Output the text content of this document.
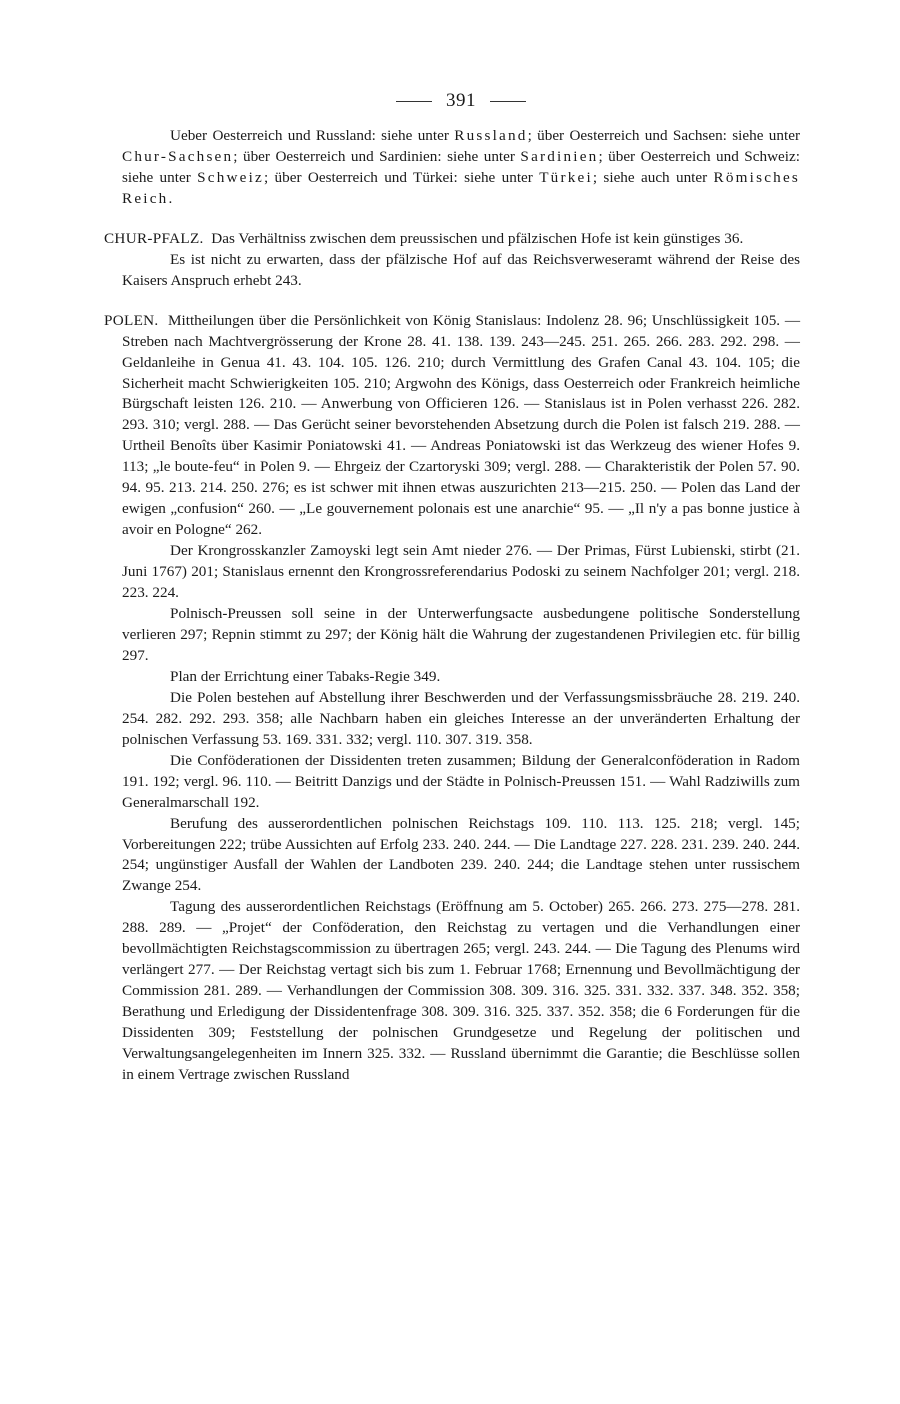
391

Ueber Oesterreich und Russland: siehe unter Russland; über Oesterreich und Sachsen: siehe unter Chur-Sachsen; über Oesterreich und Sardinien: siehe unter Sardinien; über Oesterreich und Schweiz: siehe unter Schweiz; über Oesterreich und Türkei: siehe unter Türkei; siehe auch unter Römisches Reich.

CHUR-PFALZ. Das Verhältniss zwischen dem preussischen und pfälzischen Hofe ist kein günstiges 36.

Es ist nicht zu erwarten, dass der pfälzische Hof auf das Reichsverweseramt während der Reise des Kaisers Anspruch erhebt 243.

POLEN. Mittheilungen über die Persönlichkeit von König Stanislaus: Indolenz 28. 96; Unschlüssigkeit 105. — Streben nach Machtvergrösserung der Krone 28. 41. 138. 139. 243—245. 251. 265. 266. 283. 292. 298. — Geldanleihe in Genua 41. 43. 104. 105. 126. 210; durch Vermittlung des Grafen Canal 43. 104. 105; die Sicherheit macht Schwierigkeiten 105. 210; Argwohn des Königs, dass Oesterreich oder Frankreich heimliche Bürgschaft leisten 126. 210. — Anwerbung von Officieren 126. — Stanislaus ist in Polen verhasst 226. 282. 293. 310; vergl. 288. — Das Gerücht seiner bevorstehenden Absetzung durch die Polen ist falsch 219. 288. — Urtheil Benoîts über Kasimir Poniatowski 41. — Andreas Poniatowski ist das Werkzeug des wiener Hofes 9. 113; „le boute-feu“ in Polen 9. — Ehrgeiz der Czartoryski 309; vergl. 288. — Charakteristik der Polen 57. 90. 94. 95. 213. 214. 250. 276; es ist schwer mit ihnen etwas auszurichten 213—215. 250. — Polen das Land der ewigen „confusion“ 260. — „Le gouvernement polonais est une anarchie“ 95. — „Il n'y a pas bonne justice à avoir en Pologne“ 262.

Der Krongrosskanzler Zamoyski legt sein Amt nieder 276. — Der Primas, Fürst Lubienski, stirbt (21. Juni 1767) 201; Stanislaus ernennt den Krongrossreferendarius Podoski zu seinem Nachfolger 201; vergl. 218. 223. 224.

Polnisch-Preussen soll seine in der Unterwerfungsacte ausbedungene politische Sonderstellung verlieren 297; Repnin stimmt zu 297; der König hält die Wahrung der zugestandenen Privilegien etc. für billig 297.

Plan der Errichtung einer Tabaks-Regie 349.

Die Polen bestehen auf Abstellung ihrer Beschwerden und der Verfassungsmissbräuche 28. 219. 240. 254. 282. 292. 293. 358; alle Nachbarn haben ein gleiches Interesse an der unveränderten Erhaltung der polnischen Verfassung 53. 169. 331. 332; vergl. 110. 307. 319. 358.

Die Conföderationen der Dissidenten treten zusammen; Bildung der Generalconföderation in Radom 191. 192; vergl. 96. 110. — Beitritt Danzigs und der Städte in Polnisch-Preussen 151. — Wahl Radziwills zum Generalmarschall 192.

Berufung des ausserordentlichen polnischen Reichstags 109. 110. 113. 125. 218; vergl. 145; Vorbereitungen 222; trübe Aussichten auf Erfolg 233. 240. 244. — Die Landtage 227. 228. 231. 239. 240. 244. 254; ungünstiger Ausfall der Wahlen der Landboten 239. 240. 244; die Landtage stehen unter russischem Zwange 254.

Tagung des ausserordentlichen Reichstags (Eröffnung am 5. October) 265. 266. 273. 275—278. 281. 288. 289. — „Projet“ der Conföderation, den Reichstag zu vertagen und die Verhandlungen einer bevollmächtigten Reichstagscommission zu übertragen 265; vergl. 243. 244. — Die Tagung des Plenums wird verlängert 277. — Der Reichstag vertagt sich bis zum 1. Februar 1768; Ernennung und Bevollmächtigung der Commission 281. 289. — Verhandlungen der Commission 308. 309. 316. 325. 331. 332. 337. 348. 352. 358; Berathung und Erledigung der Dissidentenfrage 308. 309. 316. 325. 337. 352. 358; die 6 Forderungen für die Dissidenten 309; Feststellung der polnischen Grundgesetze und Regelung der politischen und Verwaltungsangelegenheiten im Innern 325. 332. — Russland übernimmt die Garantie; die Beschlüsse sollen in einem Vertrage zwischen Russland
